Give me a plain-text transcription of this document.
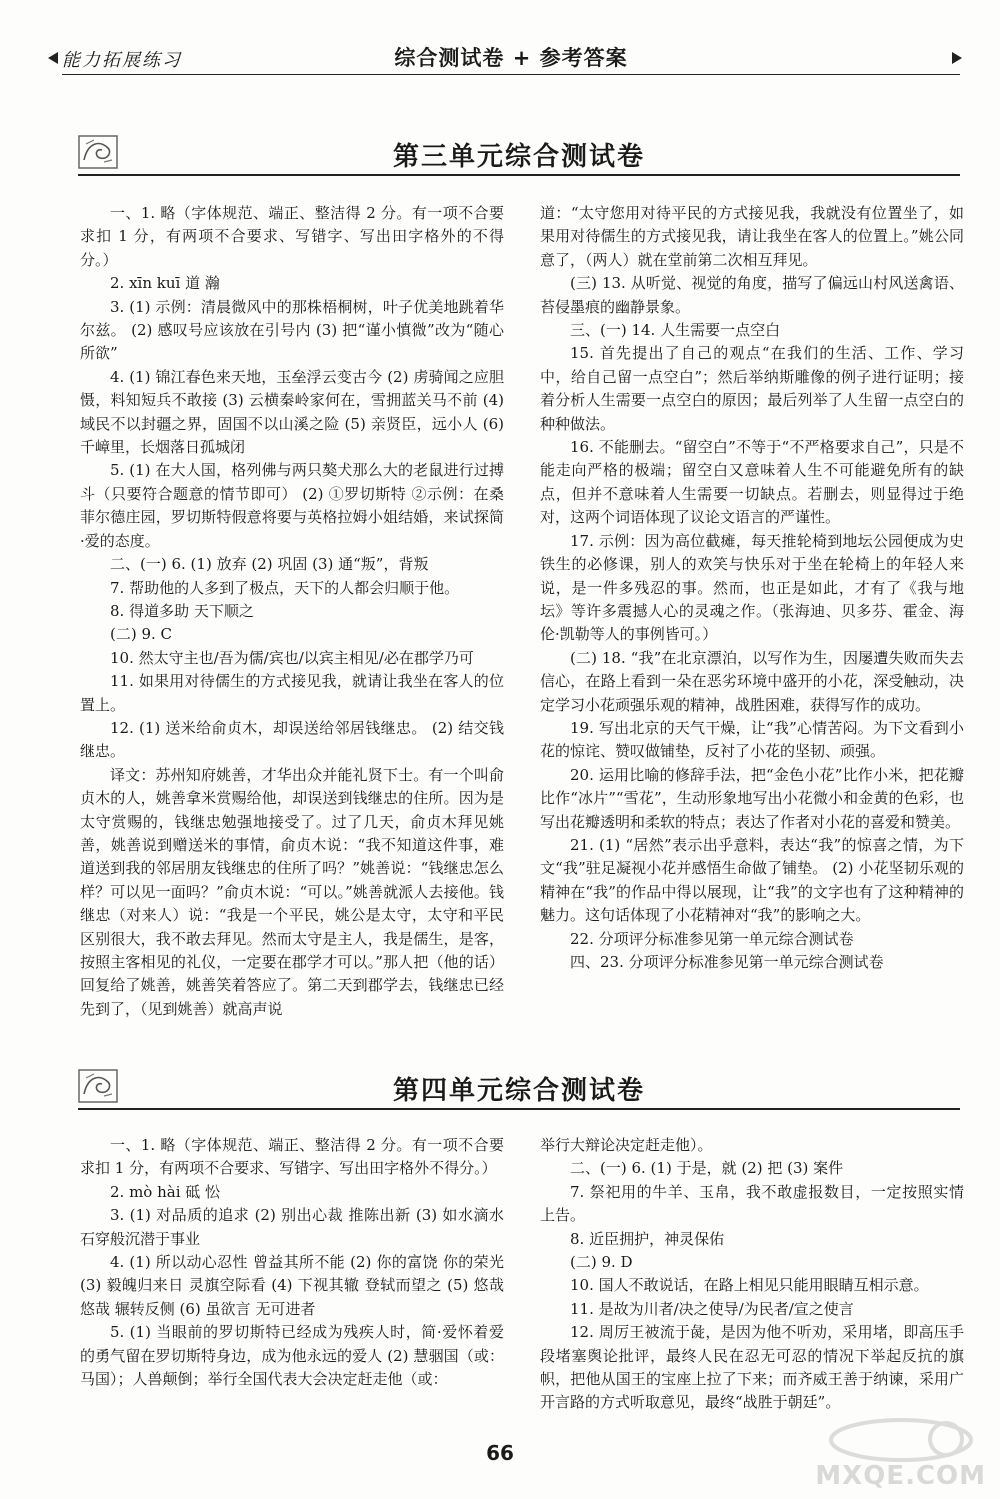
能力拓展练习	综合测试卷 + 参考答案
第三单元综合测试卷

一、1. 略（字体规范、端正、整洁得 2 分。有一项不合要求扣 1 分，有两项不合要求、写错字、写出田字格外的不得分。）

2. xīn kuī 道 瀚

3. (1) 示例：清晨微风中的那株梧桐树，叶子优美地跳着华尔兹。 (2) 感叹号应该放在引号内 (3) 把“谨小慎微”改为“随心所欲”

4. (1) 锦江春色来天地，玉垒浮云变古今 (2) 虏骑闻之应胆慑，料知短兵不敢接 (3) 云横秦岭家何在，雪拥蓝关马不前 (4) 域民不以封疆之界，固国不以山溪之险 (5) 亲贤臣，远小人 (6) 千嶂里，长烟落日孤城闭

5. (1) 在大人国，格列佛与两只獒犬那么大的老鼠进行过搏斗（只要符合题意的情节即可） (2) ①罗切斯特 ②示例：在桑菲尔德庄园，罗切斯特假意将要与英格拉姆小姐结婚，来试探简·爱的态度。

二、(一) 6. (1) 放弃 (2) 巩固 (3) 通“叛”，背叛

7. 帮助他的人多到了极点，天下的人都会归顺于他。

8. 得道多助 天下顺之

(二) 9. C

10. 然太守主也/吾为儒/宾也/以宾主相见/必在郡学乃可

11. 如果用对待儒生的方式接见我，就请让我坐在客人的位置上。

12. (1) 送米给俞贞木，却误送给邻居钱继忠。 (2) 结交钱继忠。

译文：苏州知府姚善，才华出众并能礼贤下士。有一个叫俞贞木的人，姚善拿米赏赐给他，却误送到钱继忠的住所。因为是太守赏赐的，钱继忠勉强地接受了。过了几天，俞贞木拜见姚善，姚善说到赠送米的事情，俞贞木说：“我不知道这件事，难道送到我的邻居朋友钱继忠的住所了吗？”姚善说：“钱继忠怎么样？可以见一面吗？”俞贞木说：“可以。”姚善就派人去接他。钱继忠（对来人）说：“我是一个平民，姚公是太守，太守和平民区别很大，我不敢去拜见。然而太守是主人，我是儒生，是客，按照主客相见的礼仪，一定要在郡学才可以。”那人把（他的话）回复给了姚善，姚善笑着答应了。第二天到郡学去，钱继忠已经先到了，（见到姚善）就高声说

道：“太守您用对待平民的方式接见我，我就没有位置坐了，如果用对待儒生的方式接见我，请让我坐在客人的位置上。”姚公同意了，（两人）就在堂前第二次相互拜见。

(三) 13. 从听觉、视觉的角度，描写了偏远山村风送禽语、苔侵墨痕的幽静景象。

三、(一) 14. 人生需要一点空白

15. 首先提出了自己的观点“在我们的生活、工作、学习中，给自己留一点空白”；然后举纳斯雕像的例子进行证明；接着分析人生需要一点空白的原因；最后列举了人生留一点空白的种种做法。

16. 不能删去。“留空白”不等于“不严格要求自己”，只是不能走向严格的极端；留空白又意味着人生不可能避免所有的缺点，但并不意味着人生需要一切缺点。若删去，则显得过于绝对，这两个词语体现了议论文语言的严谨性。

17. 示例：因为高位截瘫，每天推轮椅到地坛公园便成为史铁生的必修课，别人的欢笑与快乐对于坐在轮椅上的年轻人来说，是一件多残忍的事。然而，也正是如此，才有了《我与地坛》等许多震撼人心的灵魂之作。（张海迪、贝多芬、霍金、海伦·凯勒等人的事例皆可。）

(二) 18. “我”在北京漂泊，以写作为生，因屡遭失败而失去信心，在路上看到一朵在恶劣环境中盛开的小花，深受触动，决定学习小花顽强乐观的精神，战胜困难，获得写作的成功。

19. 写出北京的天气干燥，让“我”心情苦闷。为下文看到小花的惊诧、赞叹做铺垫，反衬了小花的坚韧、顽强。

20. 运用比喻的修辞手法，把“金色小花”比作小米，把花瓣比作“冰片”“雪花”，生动形象地写出小花微小和金黄的色彩，也写出花瓣透明和柔软的特点；表达了作者对小花的喜爱和赞美。

21. (1) “居然”表示出乎意料，表达“我”的惊喜之情，为下文“我”驻足凝视小花并感悟生命做了铺垫。 (2) 小花坚韧乐观的精神在“我”的作品中得以展现，让“我”的文字也有了这种精神的魅力。这句话体现了小花精神对“我”的影响之大。

22. 分项评分标准参见第一单元综合测试卷

四、23. 分项评分标准参见第一单元综合测试卷

第四单元综合测试卷

一、1. 略（字体规范、端正、整洁得 2 分。有一项不合要求扣 1 分，有两项不合要求、写错字、写出田字格外不得分。）

2. mò hài 砥 忪

3. (1) 对品质的追求 (2) 别出心裁 推陈出新 (3) 如水滴水石穿般沉潜于事业

4. (1) 所以动心忍性 曾益其所不能 (2) 你的富饶 你的荣光 (3) 毅魄归来日 灵旗空际看 (4) 下视其辙 登轼而望之 (5) 悠哉悠哉 辗转反侧 (6) 虽欲言 无可进者

5. (1) 当眼前的罗切斯特已经成为残疾人时，简·爱怀着爱的勇气留在罗切斯特身边，成为他永远的爱人 (2) 慧骃国（或：马国）；人兽颠倒；举行全国代表大会决定赶走他（或：

举行大辩论决定赶走他）。

二、(一) 6. (1) 于是，就 (2) 把 (3) 案件

7. 祭祀用的牛羊、玉帛，我不敢虚报数目，一定按照实情上告。

8. 近臣拥护，神灵保佑

(二) 9. D

10. 国人不敢说话，在路上相见只能用眼睛互相示意。

11. 是故为川者/决之使导/为民者/宣之使言

12. 周厉王被流于彘，是因为他不听劝，采用堵，即高压手段堵塞舆论批评，最终人民在忍无可忍的情况下举起反抗的旗帜，把他从国王的宝座上拉了下来；而齐威王善于纳谏，采用广开言路的方式听取意见，最终“战胜于朝廷”。

66
MXQE.COM
